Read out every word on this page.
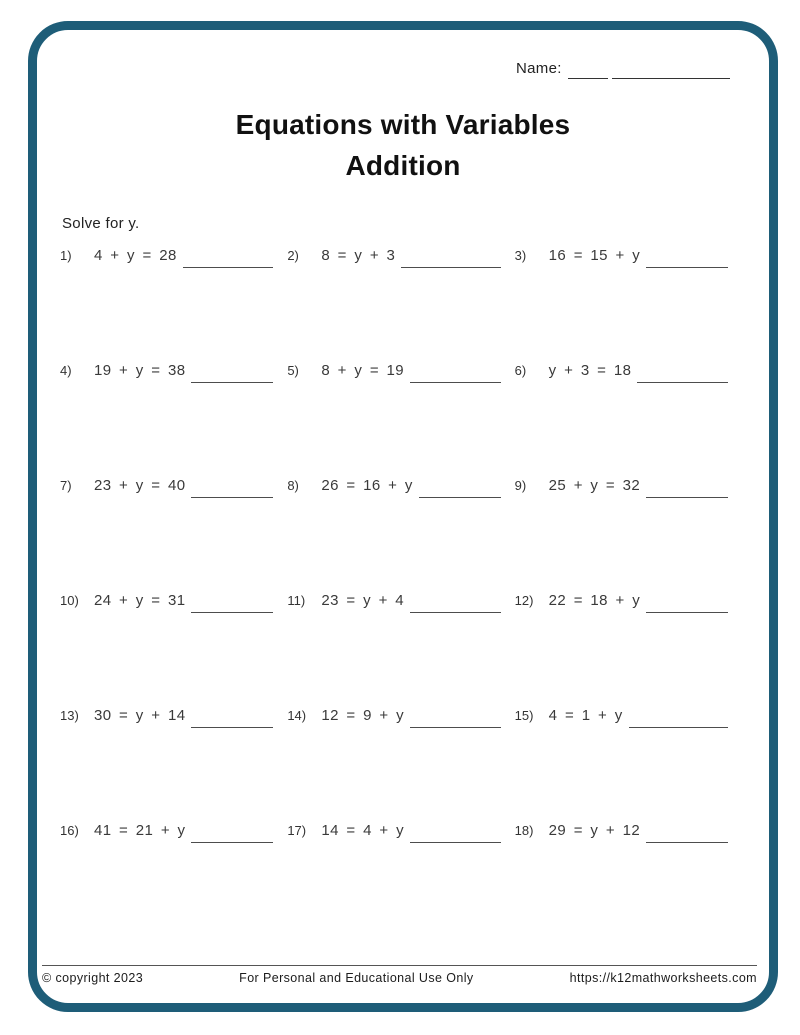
Name:
Equations with Variables
Addition
Solve for y.
1)	4 + y = 28	2)	8 = y + 3	3)	16 = 15 + y
4)	19 + y = 38	5)	8 + y = 19	6)	y + 3 = 18
7)	23 + y = 40	8)	26 = 16 + y	9)	25 + y = 32
10)	24 + y = 31	11)	23 = y + 4	12)	22 = 18 + y
13)	30 = y + 14	14)	12 = 9 + y	15)	4 = 1 + y
16)	41 = 21 + y	17)	14 = 4 + y	18)	29 = y + 12
© copyright 2023	For Personal and Educational Use Only	https://k12mathworksheets.com
